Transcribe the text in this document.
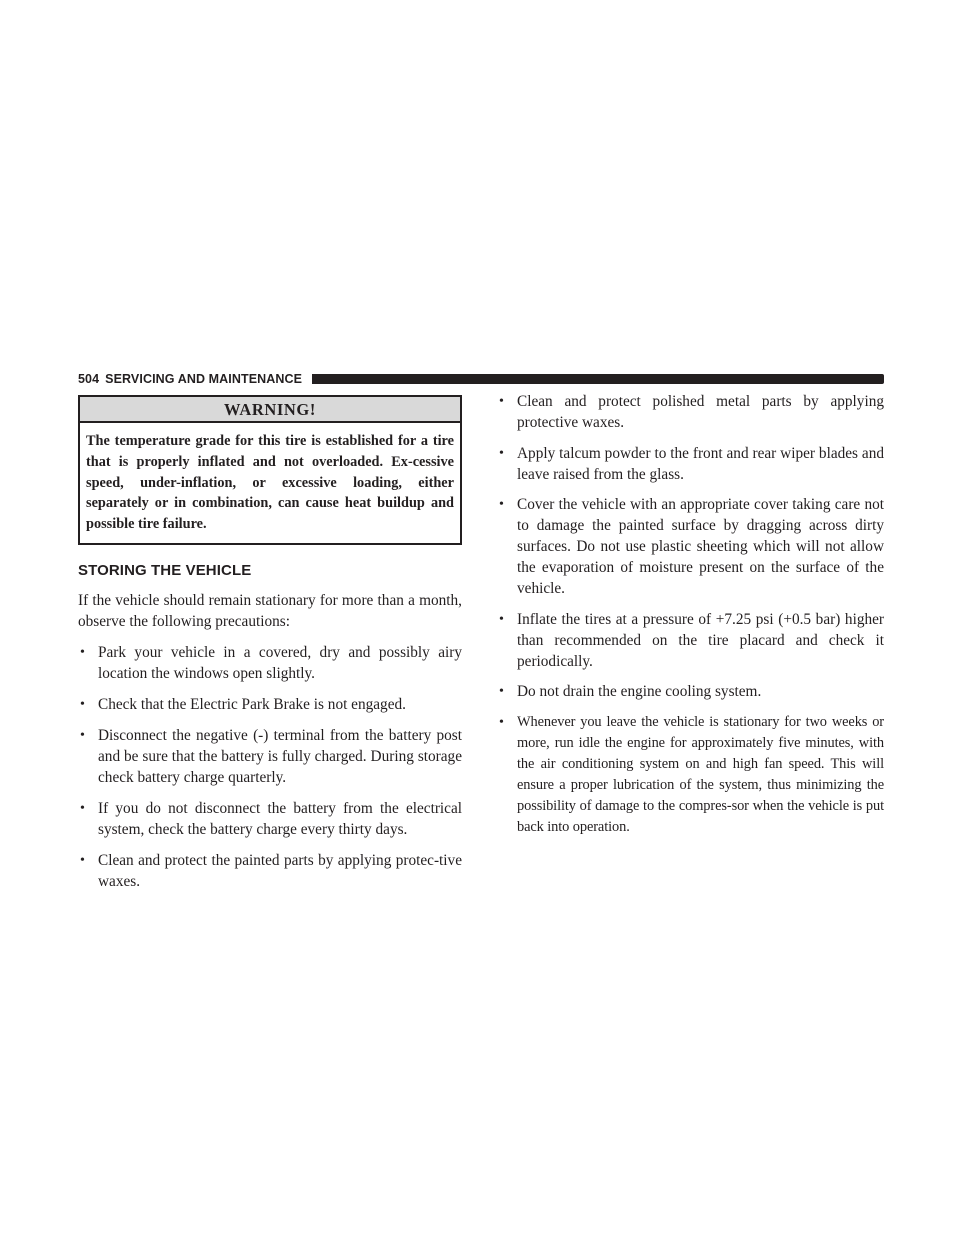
504 SERVICING AND MAINTENANCE
WARNING!
The temperature grade for this tire is established for a tire that is properly inflated and not overloaded. Ex-cessive speed, under-inflation, or excessive loading, either separately or in combination, can cause heat buildup and possible tire failure.
STORING THE VEHICLE

If the vehicle should remain stationary for more than a month, observe the following precautions:

• Park your vehicle in a covered, dry and possibly airy location the windows open slightly.
• Check that the Electric Park Brake is not engaged.
• Disconnect the negative (-) terminal from the battery post and be sure that the battery is fully charged. During storage check battery charge quarterly.
• If you do not disconnect the battery from the electrical system, check the battery charge every thirty days.
• Clean and protect the painted parts by applying protec-tive waxes.
• Clean and protect polished metal parts by applying protective waxes.
• Apply talcum powder to the front and rear wiper blades and leave raised from the glass.
• Cover the vehicle with an appropriate cover taking care not to damage the painted surface by dragging across dirty surfaces. Do not use plastic sheeting which will not allow the evaporation of moisture present on the surface of the vehicle.
• Inflate the tires at a pressure of +7.25 psi (+0.5 bar) higher than recommended on the tire placard and check it periodically.
• Do not drain the engine cooling system.
• Whenever you leave the vehicle is stationary for two weeks or more, run idle the engine for approximately five minutes, with the air conditioning system on and high fan speed. This will ensure a proper lubrication of the system, thus minimizing the possibility of damage to the compres-sor when the vehicle is put back into operation.
